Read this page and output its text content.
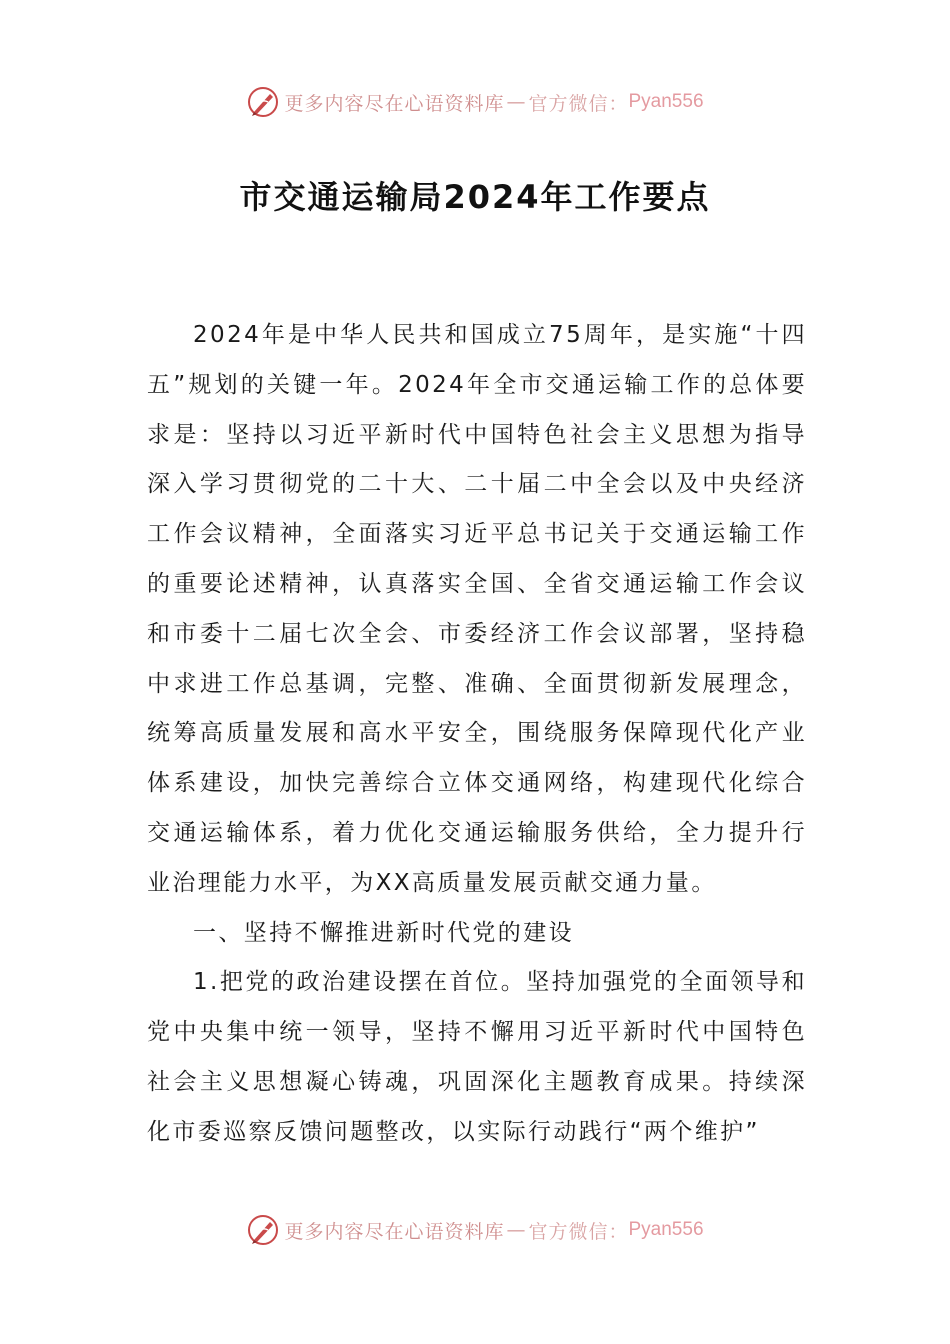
更多内容尽在心语资料库 — 官方微信： Pyan556
市交通运输局2024年工作要点

2024年是中华人民共和国成立75周年，是实施“十四五”规划的关键一年。2024年全市交通运输工作的总体要求是：坚持以习近平新时代中国特色社会主义思想为指导深入学习贯彻党的二十大、二十届二中全会以及中央经济工作会议精神，全面落实习近平总书记关于交通运输工作的重要论述精神，认真落实全国、全省交通运输工作会议和市委十二届七次全会、市委经济工作会议部署，坚持稳中求进工作总基调，完整、准确、全面贯彻新发展理念，统筹高质量发展和高水平安全，围绕服务保障现代化产业体系建设，加快完善综合立体交通网络，构建现代化综合交通运输体系，着力优化交通运输服务供给，全力提升行业治理能力水平，为XX高质量发展贡献交通力量。

一、坚持不懈推进新时代党的建设

1.把党的政治建设摆在首位。坚持加强党的全面领导和党中央集中统一领导，坚持不懈用习近平新时代中国特色社会主义思想凝心铸魂，巩固深化主题教育成果。持续深化市委巡察反馈问题整改，以实际行动践行“两个维护”

更多内容尽在心语资料库 — 官方微信： Pyan556
